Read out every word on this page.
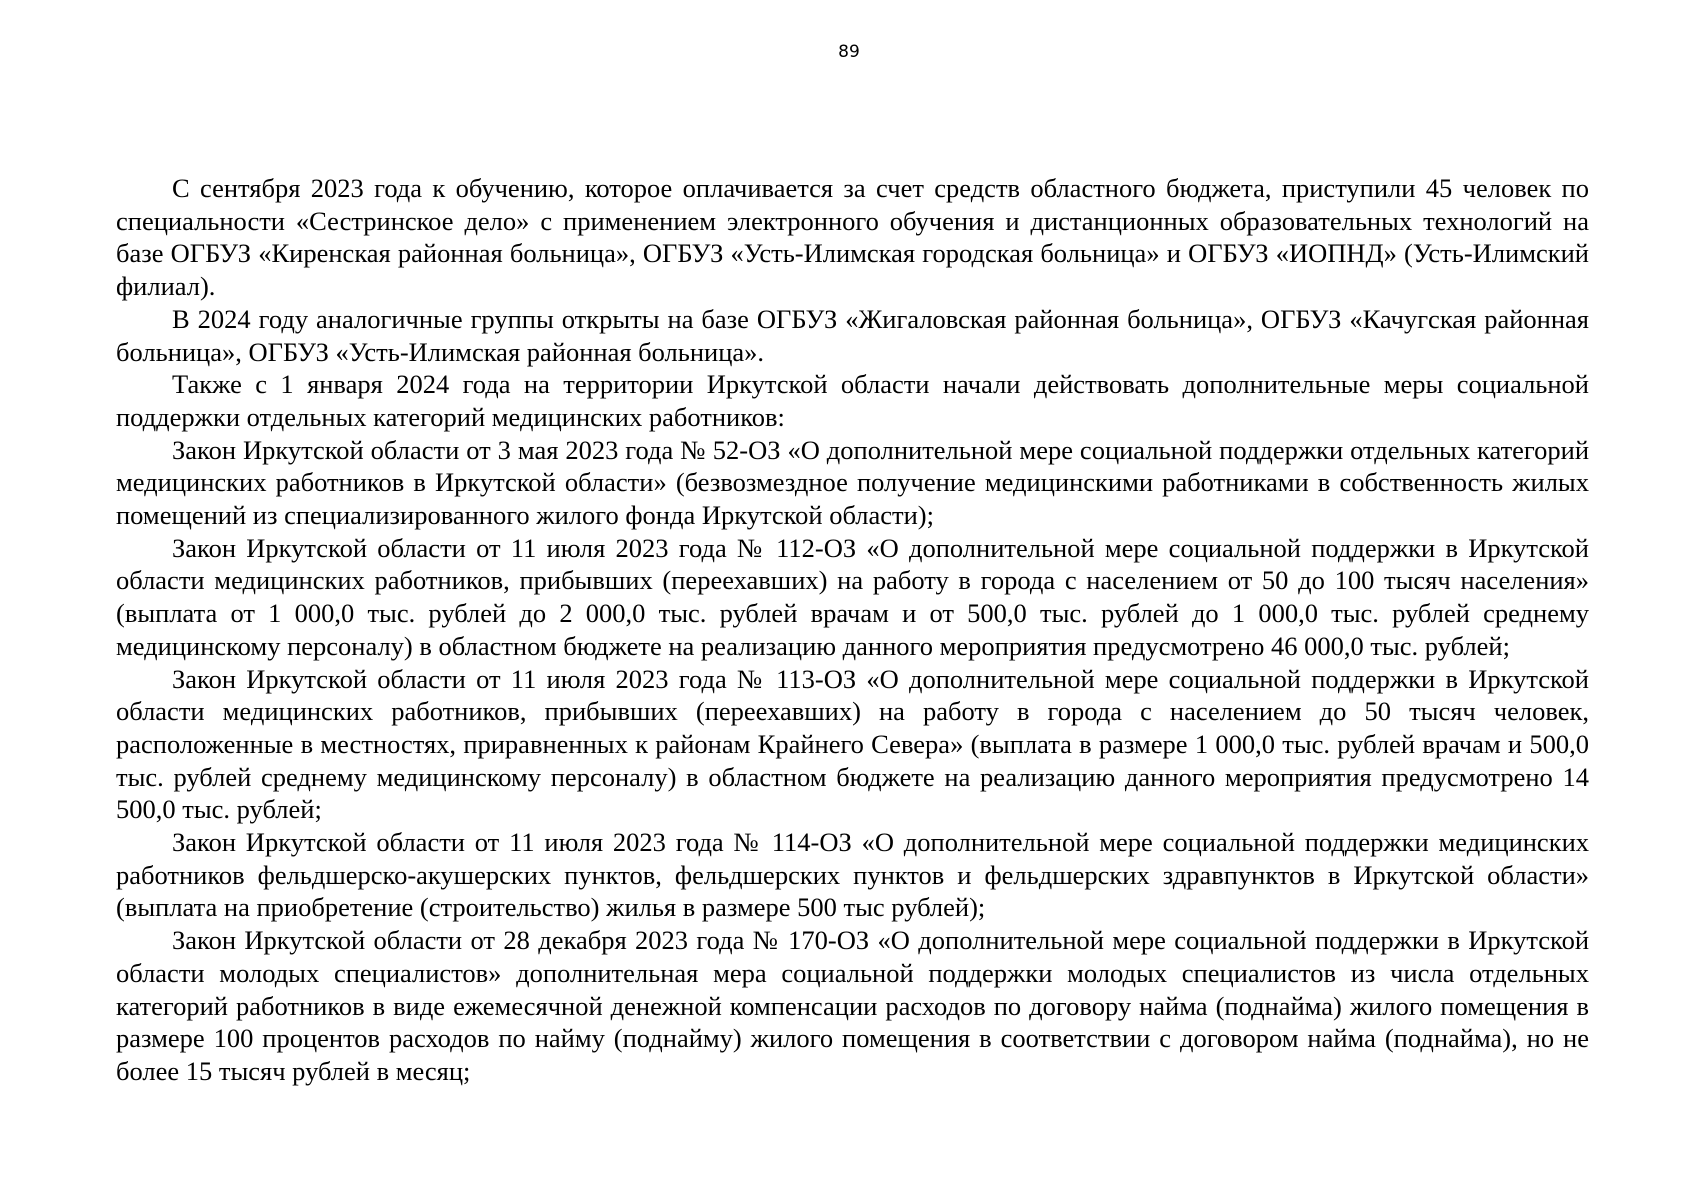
89

С сентября 2023 года к обучению, которое оплачивается за счет средств областного бюджета, приступили 45 человек по специальности «Сестринское дело» с применением электронного обучения и дистанционных образовательных технологий на базе ОГБУЗ «Киренская районная больница», ОГБУЗ «Усть-Илимская городская больница» и ОГБУЗ «ИОПНД» (Усть-Илимский филиал).

В 2024 году аналогичные группы открыты на базе ОГБУЗ «Жигаловская районная больница», ОГБУЗ «Качугская районная больница», ОГБУЗ «Усть-Илимская районная больница».

Также с 1 января 2024 года на территории Иркутской области начали действовать дополнительные меры социальной поддержки отдельных категорий медицинских работников:

Закон Иркутской области от 3 мая 2023 года № 52-ОЗ «О дополнительной мере социальной поддержки отдельных категорий медицинских работников в Иркутской области» (безвозмездное получение медицинскими работниками в собственность жилых помещений из специализированного жилого фонда Иркутской области);

Закон Иркутской области от 11 июля 2023 года № 112-ОЗ «О дополнительной мере социальной поддержки в Иркутской области медицинских работников, прибывших (переехавших) на работу в города с населением от 50 до 100 тысяч населения» (выплата от 1 000,0 тыс. рублей до 2 000,0 тыс. рублей врачам и от 500,0 тыс. рублей до 1 000,0 тыс. рублей среднему медицинскому персоналу) в областном бюджете на реализацию данного мероприятия предусмотрено 46 000,0 тыс. рублей;

Закон Иркутской области от 11 июля 2023 года № 113-ОЗ «О дополнительной мере социальной поддержки в Иркутской области медицинских работников, прибывших (переехавших) на работу в города с населением до 50 тысяч человек, расположенные в местностях, приравненных к районам Крайнего Севера» (выплата в размере 1 000,0 тыс. рублей врачам и 500,0 тыс. рублей среднему медицинскому персоналу) в областном бюджете на реализацию данного мероприятия предусмотрено 14 500,0 тыс. рублей;

Закон Иркутской области от 11 июля 2023 года № 114-ОЗ «О дополнительной мере социальной поддержки медицинских работников фельдшерско-акушерских пунктов, фельдшерских пунктов и фельдшерских здравпунктов в Иркутской области» (выплата на приобретение (строительство) жилья в размере 500 тыс рублей);

Закон Иркутской области от 28 декабря 2023 года № 170-ОЗ «О дополнительной мере социальной поддержки в Иркутской области молодых специалистов» дополнительная мера социальной поддержки молодых специалистов из числа отдельных категорий работников в виде ежемесячной денежной компенсации расходов по договору найма (поднайма) жилого помещения в размере 100 процентов расходов по найму (поднайму) жилого помещения в соответствии с договором найма (поднайма), но не более 15 тысяч рублей в месяц;
